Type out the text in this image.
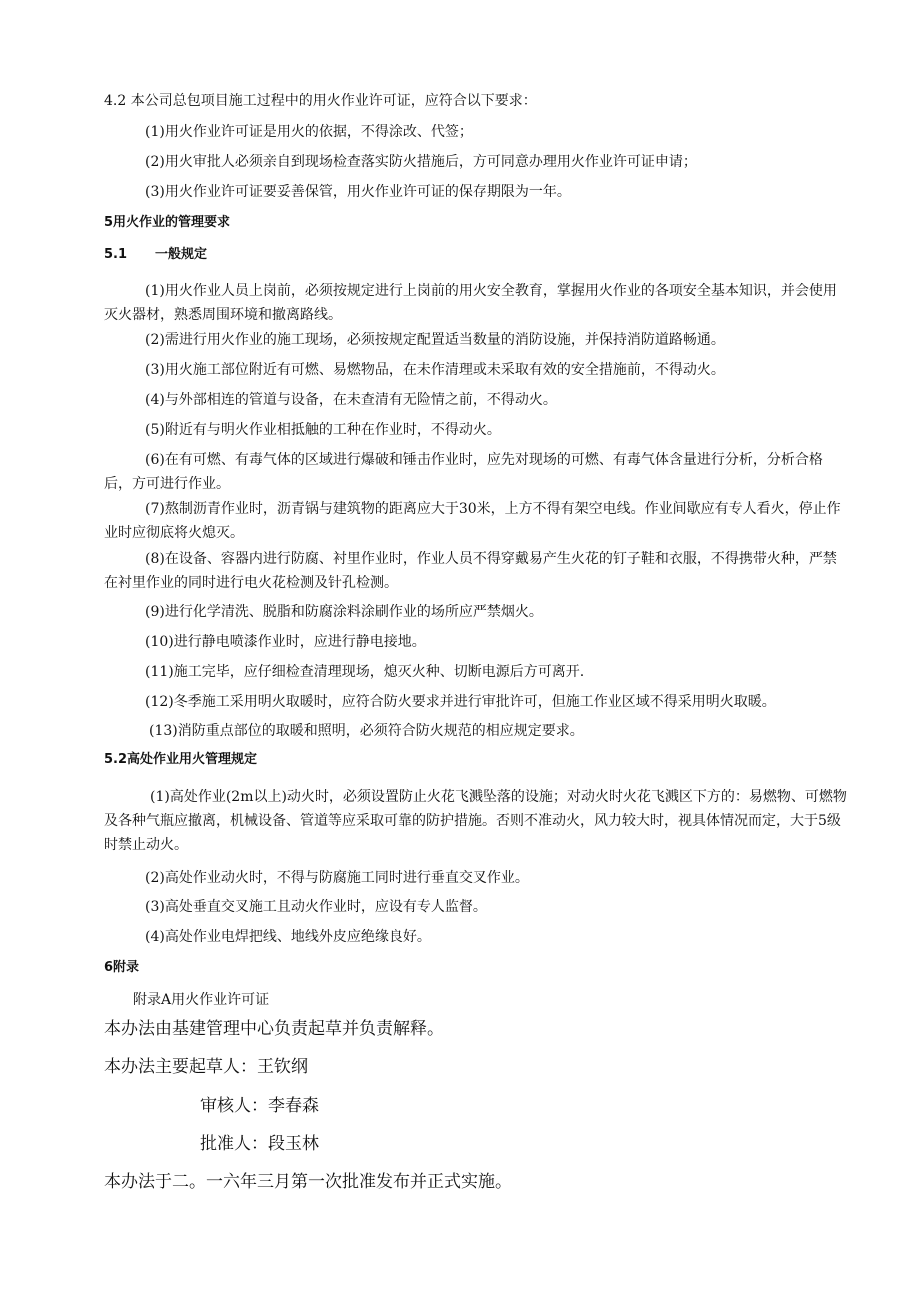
4.2 本公司总包项目施工过程中的用火作业许可证，应符合以下要求：

(1)用火作业许可证是用火的依据，不得涂改、代签；

(2)用火审批人必须亲自到现场检查落实防火措施后，方可同意办理用火作业许可证申请；

(3)用火作业许可证要妥善保管，用火作业许可证的保存期限为一年。

5用火作业的管理要求

5.1 一般规定

(1)用火作业人员上岗前，必须按规定进行上岗前的用火安全教育，掌握用火作业的各项安全基本知识，并会使用灭火器材，熟悉周围环境和撤离路线。

(2)需进行用火作业的施工现场，必须按规定配置适当数量的消防设施，并保持消防道路畅通。

(3)用火施工部位附近有可燃、易燃物品，在未作清理或未采取有效的安全措施前，不得动火。

(4)与外部相连的管道与设备，在未查清有无险情之前，不得动火。

(5)附近有与明火作业相抵触的工种在作业时，不得动火。

(6)在有可燃、有毒气体的区域进行爆破和锤击作业时，应先对现场的可燃、有毒气体含量进行分析，分析合格后，方可进行作业。

(7)熬制沥青作业时，沥青锅与建筑物的距离应大于30米，上方不得有架空电线。作业间歇应有专人看火，停止作业时应彻底将火熄灭。

(8)在设备、容器内进行防腐、衬里作业时，作业人员不得穿戴易产生火花的钉子鞋和衣服，不得携带火种，严禁在衬里作业的同时进行电火花检测及针孔检测。

(9)进行化学清洗、脱脂和防腐涂料涂刷作业的场所应严禁烟火。

(10)进行静电喷漆作业时，应进行静电接地。

(11)施工完毕，应仔细检查清理现场，熄灭火种、切断电源后方可离开.

(12)冬季施工采用明火取暖时，应符合防火要求并进行审批许可，但施工作业区域不得采用明火取暖。

(13)消防重点部位的取暖和照明，必须符合防火规范的相应规定要求。

5.2高处作业用火管理规定

(1)高处作业(2m以上)动火时，必须设置防止火花飞溅坠落的设施；对动火时火花飞溅区下方的：易燃物、可燃物及各种气瓶应撤离，机械设备、管道等应采取可靠的防护措施。否则不准动火，风力较大时，视具体情况而定，大于5级时禁止动火。

(2)高处作业动火时，不得与防腐施工同时进行垂直交叉作业。

(3)高处垂直交叉施工且动火作业时，应设有专人监督。

(4)高处作业电焊把线、地线外皮应绝缘良好。

6附录

附录A用火作业许可证

本办法由基建管理中心负责起草并负责解释。

本办法主要起草人：王钦纲

审核人：李春森

批准人：段玉林

本办法于二。一六年三月第一次批准发布并正式实施。
